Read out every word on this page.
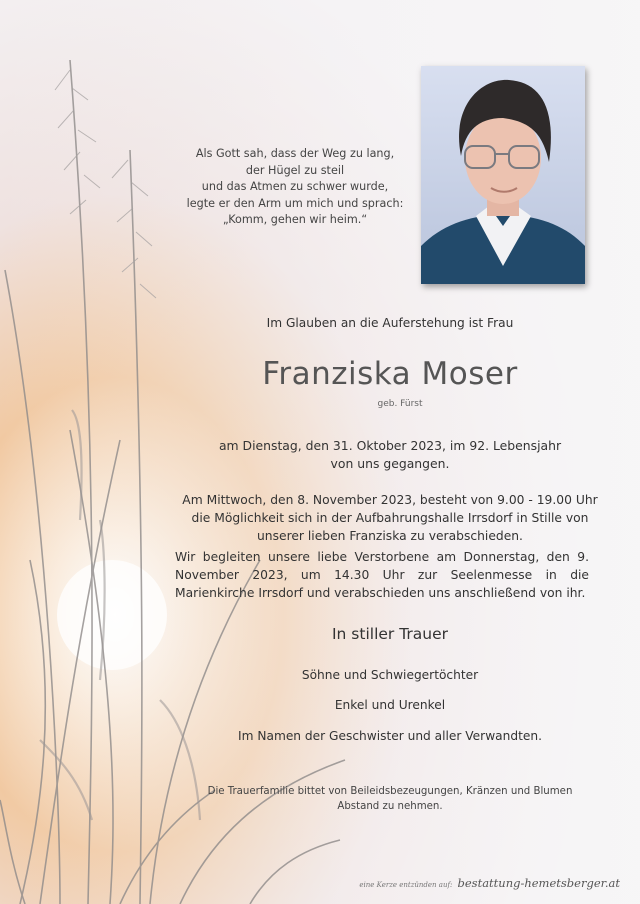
Als Gott sah, dass der Weg zu lang,
der Hügel zu steil
und das Atmen zu schwer wurde,
legte er den Arm um mich und sprach:
„Komm, gehen wir heim.“
Im Glauben an die Auferstehung ist Frau
Franziska Moser
geb. Fürst
am Dienstag, den 31. Oktober 2023, im 92. Lebensjahr
von uns gegangen.
Am Mittwoch, den 8. November 2023, besteht von 9.00 - 19.00 Uhr
die Möglichkeit sich in der Aufbahrungshalle Irrsdorf in Stille von
unserer lieben Franziska zu verabschieden.
Wir begleiten unsere liebe Verstorbene am Donnerstag, den 9. November 2023, um 14.30 Uhr zur Seelenmesse in die Marienkirche Irrsdorf und verabschieden uns anschließend von ihr.
In stiller Trauer
Söhne und Schwiegertöchter
Enkel und Urenkel
Im Namen der Geschwister und aller Verwandten.
Die Trauerfamilie bittet von Beileidsbezeugungen, Kränzen und Blumen
Abstand zu nehmen.
eine Kerze entzünden auf: bestattung-hemetsberger.at
